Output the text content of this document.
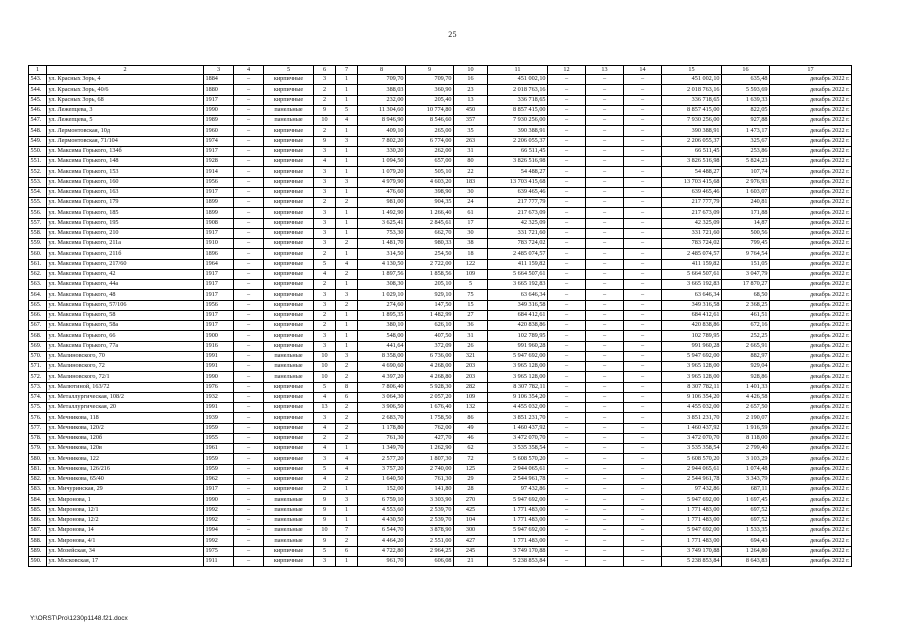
25
1	2	3	4	5	6	7	8	9	10	11	12	13	14	15	16	17
543.	ул. Красных Зорь, 4	1884	–	кирпичные	3	1	709,70	709,70	16	451 002,10	–	–	–	451 002,10	635,48	декабрь 2022 г.
544.	ул. Красных Зорь, 40/6	1880	–	кирпичные	2	1	388,03	360,90	23	2 018 763,16	–	–	–	2 018 763,16	5 593,69	декабрь 2022 г.
545.	ул. Красных Зорь, 68	1917	–	кирпичные	2	1	232,00	205,40	13	336 718,65	–	–	–	336 718,65	1 639,33	декабрь 2022 г.
546.	ул. Лежепцева, 3	1990	–	панельные	9	5	11 304,60	10 774,80	450	8 857 415,00	–	–	–	8 857 415,00	822,05	декабрь 2022 г.
547.	ул. Лежепцева, 5	1989	–	панельные	10	4	8 946,90	8 546,60	357	7 930 256,00	–	–	–	7 930 256,00	927,88	декабрь 2022 г.
548.	ул. Лермонтовская, 10д	1960	–	кирпичные	2	1	409,10	265,00	35	390 388,91	–	–	–	390 388,91	1 473,17	декабрь 2022 г.
549.	ул. Лермонтовская, 71/104	1974	–	кирпичные	9	3	7 802,20	6 774,00	263	2 206 055,37	–	–	–	2 206 055,37	325,67	декабрь 2022 г.
550.	ул. Максима Горького, 134б	1917	–	кирпичные	3	1	330,20	262,00	31	66 511,45	–	–	–	66 511,45	253,86	декабрь 2022 г.
551.	ул. Максима Горького, 148	1928	–	кирпичные	4	1	1 094,50	657,00	80	3 826 516,98	–	–	–	3 826 516,98	5 824,23	декабрь 2022 г.
552.	ул. Максима Горького, 153	1914	–	кирпичные	3	1	1 079,20	505,10	22	54 488,27	–	–	–	54 488,27	107,74	декабрь 2022 г.
553.	ул. Максима Горького, 160	1956	–	кирпичные	3	3	4 979,90	4 603,20	183	13 703 415,68	–	–	–	13 703 415,68	2 976,93	декабрь 2022 г.
554.	ул. Максима Горького, 163	1917	–	кирпичные	3	1	476,60	398,90	30	639 465,46	–	–	–	639 465,46	1 603,07	декабрь 2022 г.
555.	ул. Максима Горького, 179	1899	–	кирпичные	2	2	981,00	904,35	24	217 777,79	–	–	–	217 777,79	240,81	декабрь 2022 г.
556.	ул. Максима Горького, 185	1899	–	кирпичные	3	1	1 492,90	1 266,40	61	217 673,09	–	–	–	217 673,09	171,88	декабрь 2022 г.
557.	ул. Максима Горького, 195	1908	–	кирпичные	3	1	3 625,41	2 845,61	17	42 325,09	–	–	–	42 325,09	14,87	декабрь 2022 г.
558.	ул. Максима Горького, 210	1917	–	кирпичные	3	1	753,30	662,70	30	331 721,60	–	–	–	331 721,60	500,56	декабрь 2022 г.
559.	ул. Максима Горького, 211а	1910	–	кирпичные	3	2	1 481,70	980,33	38	783 724,02	–	–	–	783 724,02	799,45	декабрь 2022 г.
560.	ул. Максима Горького, 211б	1896	–	кирпичные	2	1	314,50	254,50	18	2 485 074,57	–	–	–	2 485 074,57	9 764,54	декабрь 2022 г.
561.	ул. Максима Горького, 217/60	1964	–	кирпичные	5	4	4 130,50	2 722,00	122	411 159,82	–	–	–	411 159,82	151,05	декабрь 2022 г.
562.	ул. Максима Горького, 42	1917	–	кирпичные	4	2	1 897,56	1 858,56	109	5 664 507,61	–	–	–	5 664 507,61	3 047,79	декабрь 2022 г.
563.	ул. Максима Горького, 44а	1917	–	кирпичные	2	1	308,30	205,10	5	3 665 192,83	–	–	–	3 665 192,83	17 870,27	декабрь 2022 г.
564.	ул. Максима Горького, 48	1917	–	кирпичные	3	3	1 029,10	929,10	75	63 646,34	–	–	–	63 646,34	68,50	декабрь 2022 г.
565.	ул. Максима Горького, 57/106	1956	–	кирпичные	3	2	274,60	147,50	15	349 316,58	–	–	–	349 316,58	2 368,25	декабрь 2022 г.
566.	ул. Максима Горького, 58	1917	–	кирпичные	2	1	1 895,35	1 482,99	27	684 412,61	–	–	–	684 412,61	461,51	декабрь 2022 г.
567.	ул. Максима Горького, 58а	1917	–	кирпичные	2	1	380,10	626,10	36	420 838,86	–	–	–	420 838,86	672,16	декабрь 2022 г.
568.	ул. Максима Горького, 66	1900	–	кирпичные	3	1	548,00	407,50	31	102 789,95	–	–	–	102 789,95	252,25	декабрь 2022 г.
569.	ул. Максима Горького, 77а	1916	–	кирпичные	3	1	441,64	372,09	26	991 960,28	–	–	–	991 960,28	2 665,91	декабрь 2022 г.
570.	ул. Малиновского, 70	1991	–	панельные	10	3	8 358,00	6 736,00	321	5 947 692,00	–	–	–	5 947 692,00	882,97	декабрь 2022 г.
571.	ул. Малиновского, 72	1991	–	панельные	10	2	4 690,60	4 268,00	203	3 965 128,00	–	–	–	3 965 128,00	929,04	декабрь 2022 г.
572.	ул. Малиновского, 72/1	1990	–	панельные	10	2	4 397,20	4 268,80	203	3 965 128,00	–	–	–	3 965 128,00	928,86	декабрь 2022 г.
573.	ул. Малютиной, 163/72	1976	–	кирпичные	5	8	7 806,40	5 928,30	282	8 307 782,11	–	–	–	8 307 782,11	1 401,33	декабрь 2022 г.
574.	ул. Металлургическая, 108/2	1932	–	кирпичные	4	6	3 064,30	2 057,20	109	9 106 354,20	–	–	–	9 106 354,20	4 426,58	декабрь 2022 г.
575.	ул. Металлургическая, 20	1991	–	кирпичные	13	2	3 906,50	1 676,40	132	4 455 032,00	–	–	–	4 455 032,00	2 657,50	декабрь 2022 г.
576.	ул. Мечникова, 118	1939	–	кирпичные	3	2	2 683,70	1 758,50	86	3 851 231,70	–	–	–	3 851 231,70	2 190,07	декабрь 2022 г.
577.	ул. Мечникова, 120/2	1959	–	кирпичные	4	2	1 178,80	762,00	49	1 460 437,92	–	–	–	1 460 437,92	1 916,59	декабрь 2022 г.
578.	ул. Мечникова, 120б	1955	–	кирпичные	2	2	761,30	427,70	46	3 472 070,70	–	–	–	3 472 070,70	8 118,00	декабрь 2022 г.
579.	ул. Мечникова, 120в	1961	–	кирпичные	4	1	1 349,70	1 262,90	62	3 535 358,54	–	–	–	3 535 358,54	2 799,40	декабрь 2022 г.
580.	ул. Мечникова, 122	1959	–	кирпичные	3	4	2 577,20	1 807,30	72	5 608 570,20	–	–	–	5 608 570,20	3 103,29	декабрь 2022 г.
581.	ул. Мечникова, 126/216	1959	–	кирпичные	5	4	3 757,20	2 740,00	125	2 944 065,61	–	–	–	2 944 065,61	1 074,48	декабрь 2022 г.
582.	ул. Мечникова, 65/40	1962	–	кирпичные	4	2	1 640,50	761,30	29	2 544 961,78	–	–	–	2 544 961,78	3 343,79	декабрь 2022 г.
583.	ул. Мичуринская, 29	1917	–	кирпичные	2	1	152,00	141,80	28	97 432,86	–	–	–	97 432,86	687,11	декабрь 2022 г.
584.	ул. Мироновa, 1	1990	–	панельные	9	3	6 759,10	3 303,90	270	5 947 692,00	–	–	–	5 947 692,00	1 697,45	декабрь 2022 г.
585.	ул. Миронова, 12/1	1992	–	панельные	9	1	4 553,60	2 539,70	425	1 771 483,00	–	–	–	1 771 483,00	697,52	декабрь 2022 г.
586.	ул. Миронова, 12/2	1992	–	панельные	9	1	4 430,50	2 539,70	104	1 771 483,00	–	–	–	1 771 483,00	697,52	декабрь 2022 г.
587.	ул. Миронова, 14	1994	–	панельные	10	7	6 544,70	3 878,90	300	5 947 692,00	–	–	–	5 947 692,00	1 533,35	декабрь 2022 г.
588.	ул. Миронова, 4/1	1992	–	панельные	9	2	4 464,20	2 551,00	427	1 771 483,00	–	–	–	1 771 483,00	694,43	декабрь 2022 г.
589.	ул. Мозейская, 34	1975	–	кирпичные	5	6	4 722,80	2 964,25	245	3 749 170,88	–	–	–	3 749 170,88	1 264,80	декабрь 2022 г.
590.	ул. Московская, 17	1911	–	кирпичные	3	1	961,70	606,08	21	5 238 853,84	–	–	–	5 238 853,84	8 643,83	декабрь 2022 г.
Y:\ORSТ\Pro\1230p1148.f21.docx
